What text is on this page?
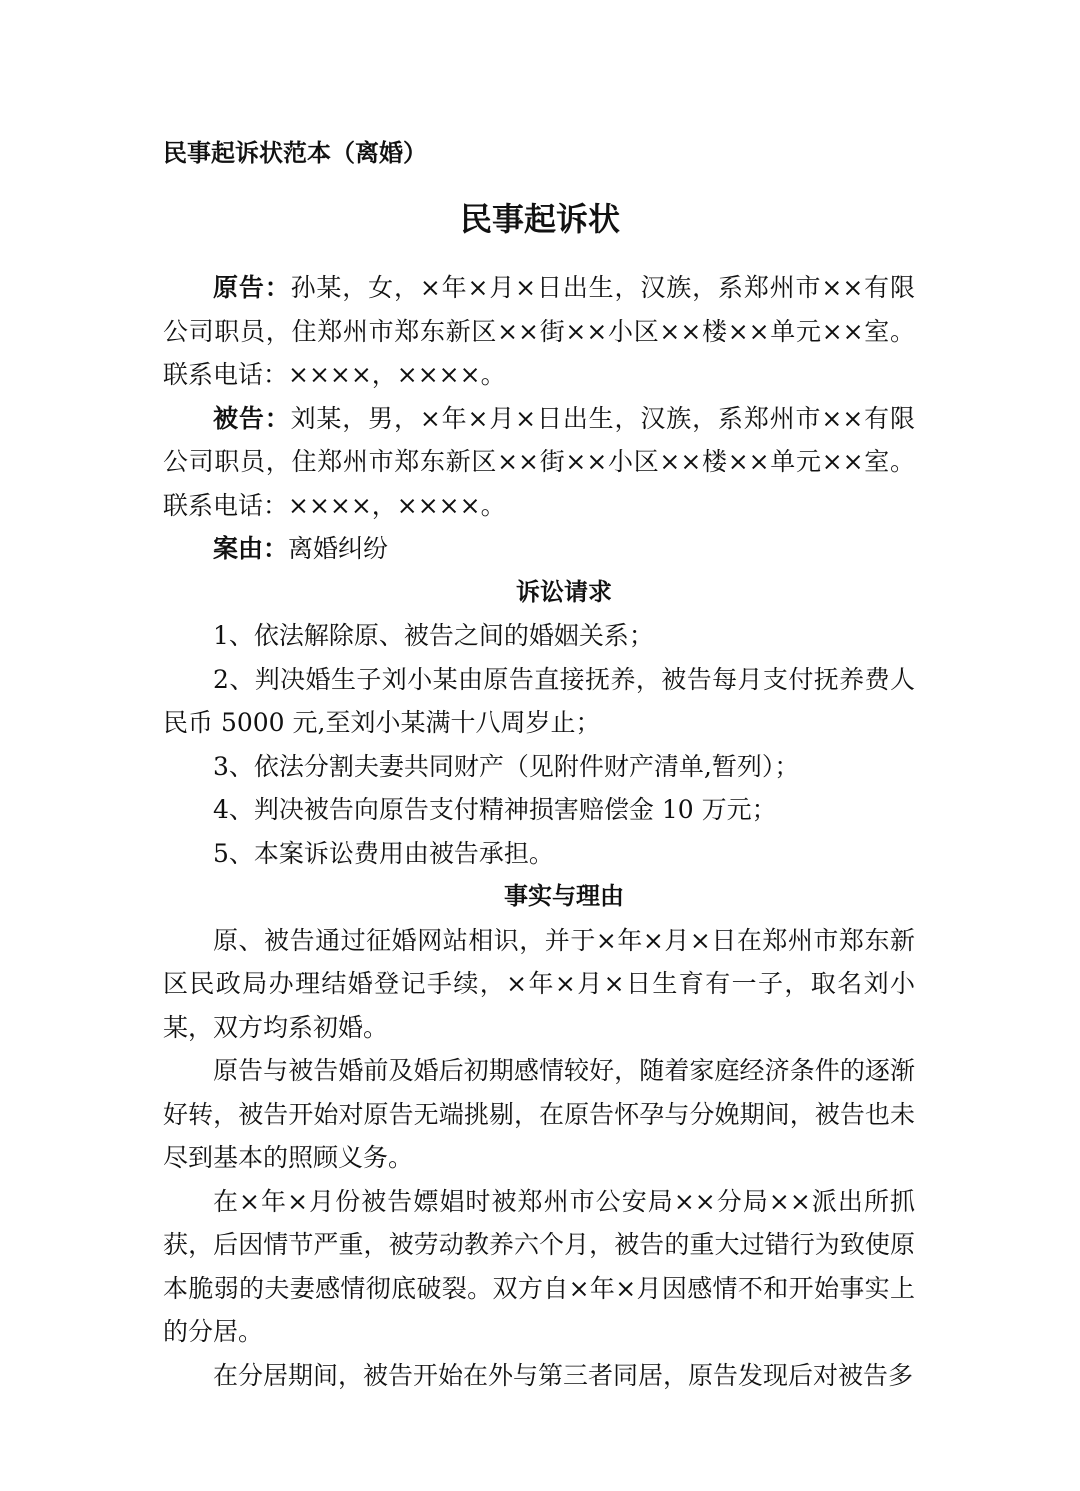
民事起诉状范本（离婚）

民事起诉状

原告：孙某，女，×年×月×日出生，汉族，系郑州市××有限公司职员，住郑州市郑东新区××街××小区××楼××单元××室。联系电话：××××，××××。

被告：刘某，男，×年×月×日出生，汉族，系郑州市××有限公司职员，住郑州市郑东新区××街××小区××楼××单元××室。联系电话：××××，××××。

案由：离婚纠纷

诉讼请求

1、依法解除原、被告之间的婚姻关系；

2、判决婚生子刘小某由原告直接抚养，被告每月支付抚养费人民币 5000 元,至刘小某满十八周岁止；

3、依法分割夫妻共同财产（见附件财产清单,暂列）；

4、判决被告向原告支付精神损害赔偿金 10 万元；

5、本案诉讼费用由被告承担。

事实与理由

原、被告通过征婚网站相识，并于×年×月×日在郑州市郑东新区民政局办理结婚登记手续，×年×月×日生育有一子，取名刘小某，双方均系初婚。

原告与被告婚前及婚后初期感情较好，随着家庭经济条件的逐渐好转，被告开始对原告无端挑剔，在原告怀孕与分娩期间，被告也未尽到基本的照顾义务。

在×年×月份被告嫖娼时被郑州市公安局××分局××派出所抓获，后因情节严重，被劳动教养六个月，被告的重大过错行为致使原本脆弱的夫妻感情彻底破裂。双方自×年×月因感情不和开始事实上的分居。

在分居期间，被告开始在外与第三者同居，原告发现后对被告多
